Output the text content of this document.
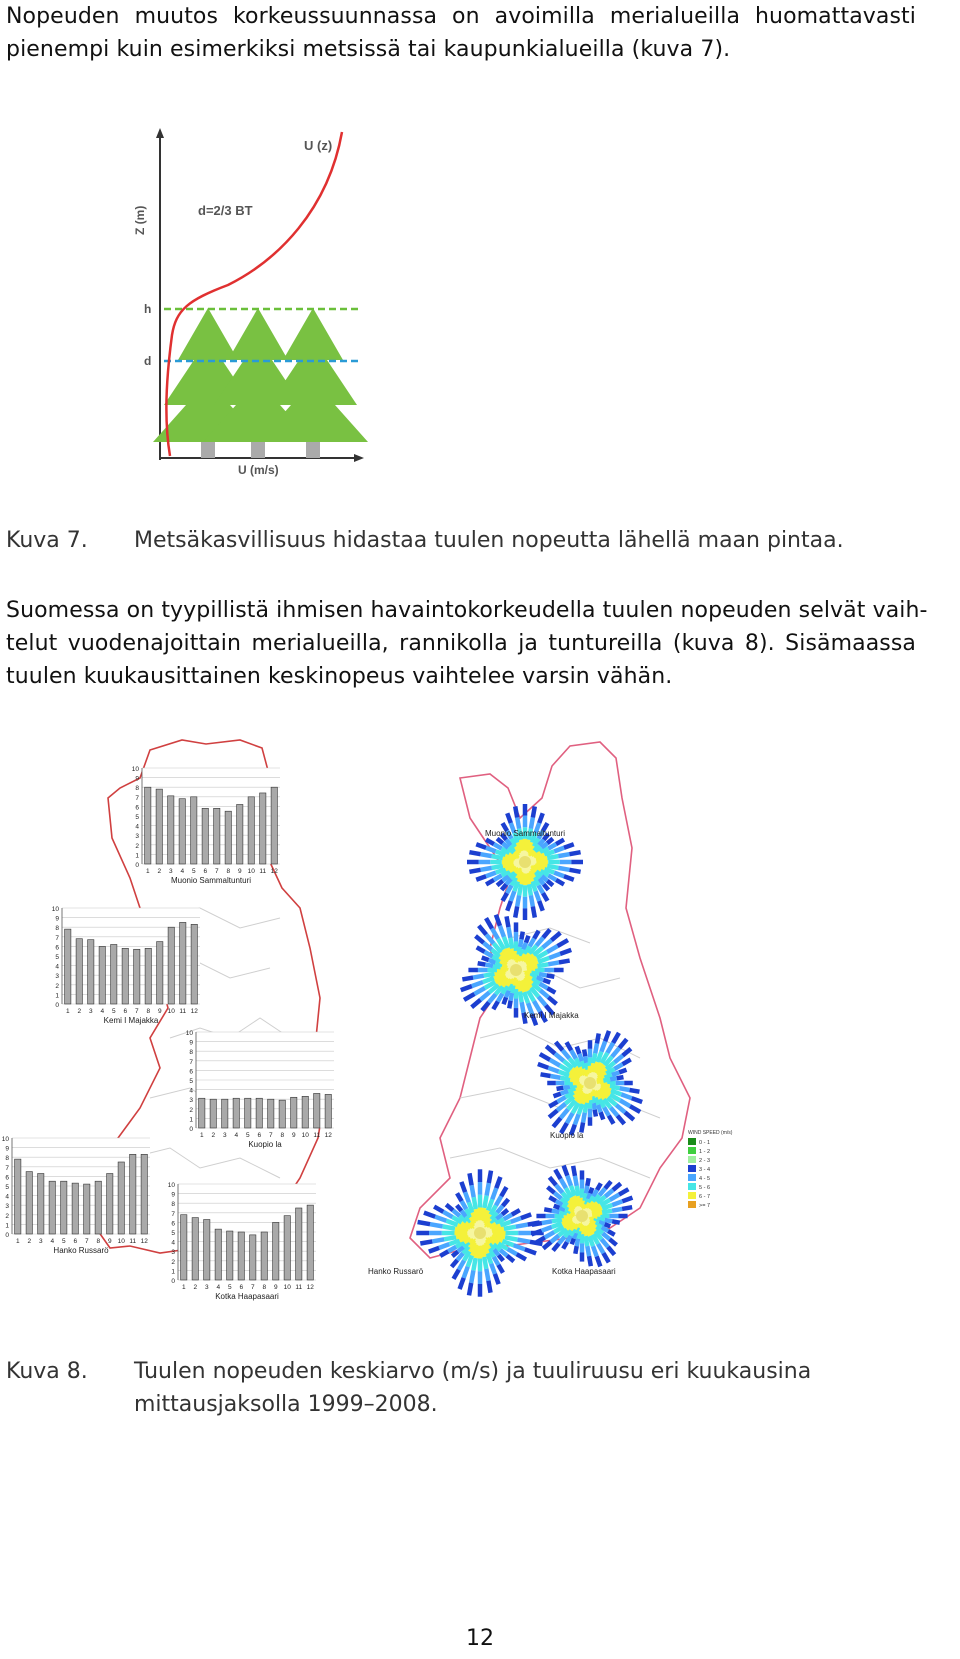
Nopeuden muutos korkeussuunnassa on avoimilla merialueilla huomattavasti
pienempi kuin esimerkiksi metsissä tai kaupunkialueilla (kuva 7).
Z (m)
U (m/s)
U (z)
d=2/3 BT
h
d
Kuva 7. Metsäkasvillisuus hidastaa tuulen nopeutta lähellä maan pintaa.
Suomessa on tyypillistä ihmisen havaintokorkeudella tuulen nopeuden selvät vaih-
telut vuodenajoittain merialueilla, rannikolla ja tuntureilla (kuva 8). Sisämaassa
tuulen kuukausittainen keskinopeus vaihtelee varsin vähän.
0
1
2
3
4
5
6
7
8
9
10
1 2 3 4 5 6 7 8 9 10 11 12
Muonio Sammaltunturi
0
1
2
3
4
5
6
7
8
9
10
1 2 3 4 5 6 7 8 9 10 11 12
Kemi I Majakka
0
1
2
3
4
5
6
7
8
9
10
1 2 3 4 5 6 7 8 9 10 11 12
Kuopio la
0
1
2
3
4
5
6
7
8
9
10
1 2 3 4 5 6 7 8 9 10 11 12
Hanko Russarö
0
1
2
3
4
5
6
7
8
9
10
1 2 3 4 5 6 7 8 9 10 11 12
Kotka Haapasaari
Muonio Sammaltunturi
Kemi I Majakka
Kuopio la
Hanko Russarö	Kotka Haapasaari
WIND SPEED (m/s)
0 - 1
1 - 2
2 - 3
3 - 4
4 - 5
5 - 6
6 - 7
>= 7
Kuva 8. Tuulen nopeuden keskiarvo (m/s) ja tuuliruusu eri kuukausina
mittausjaksolla 1999–2008.
12
